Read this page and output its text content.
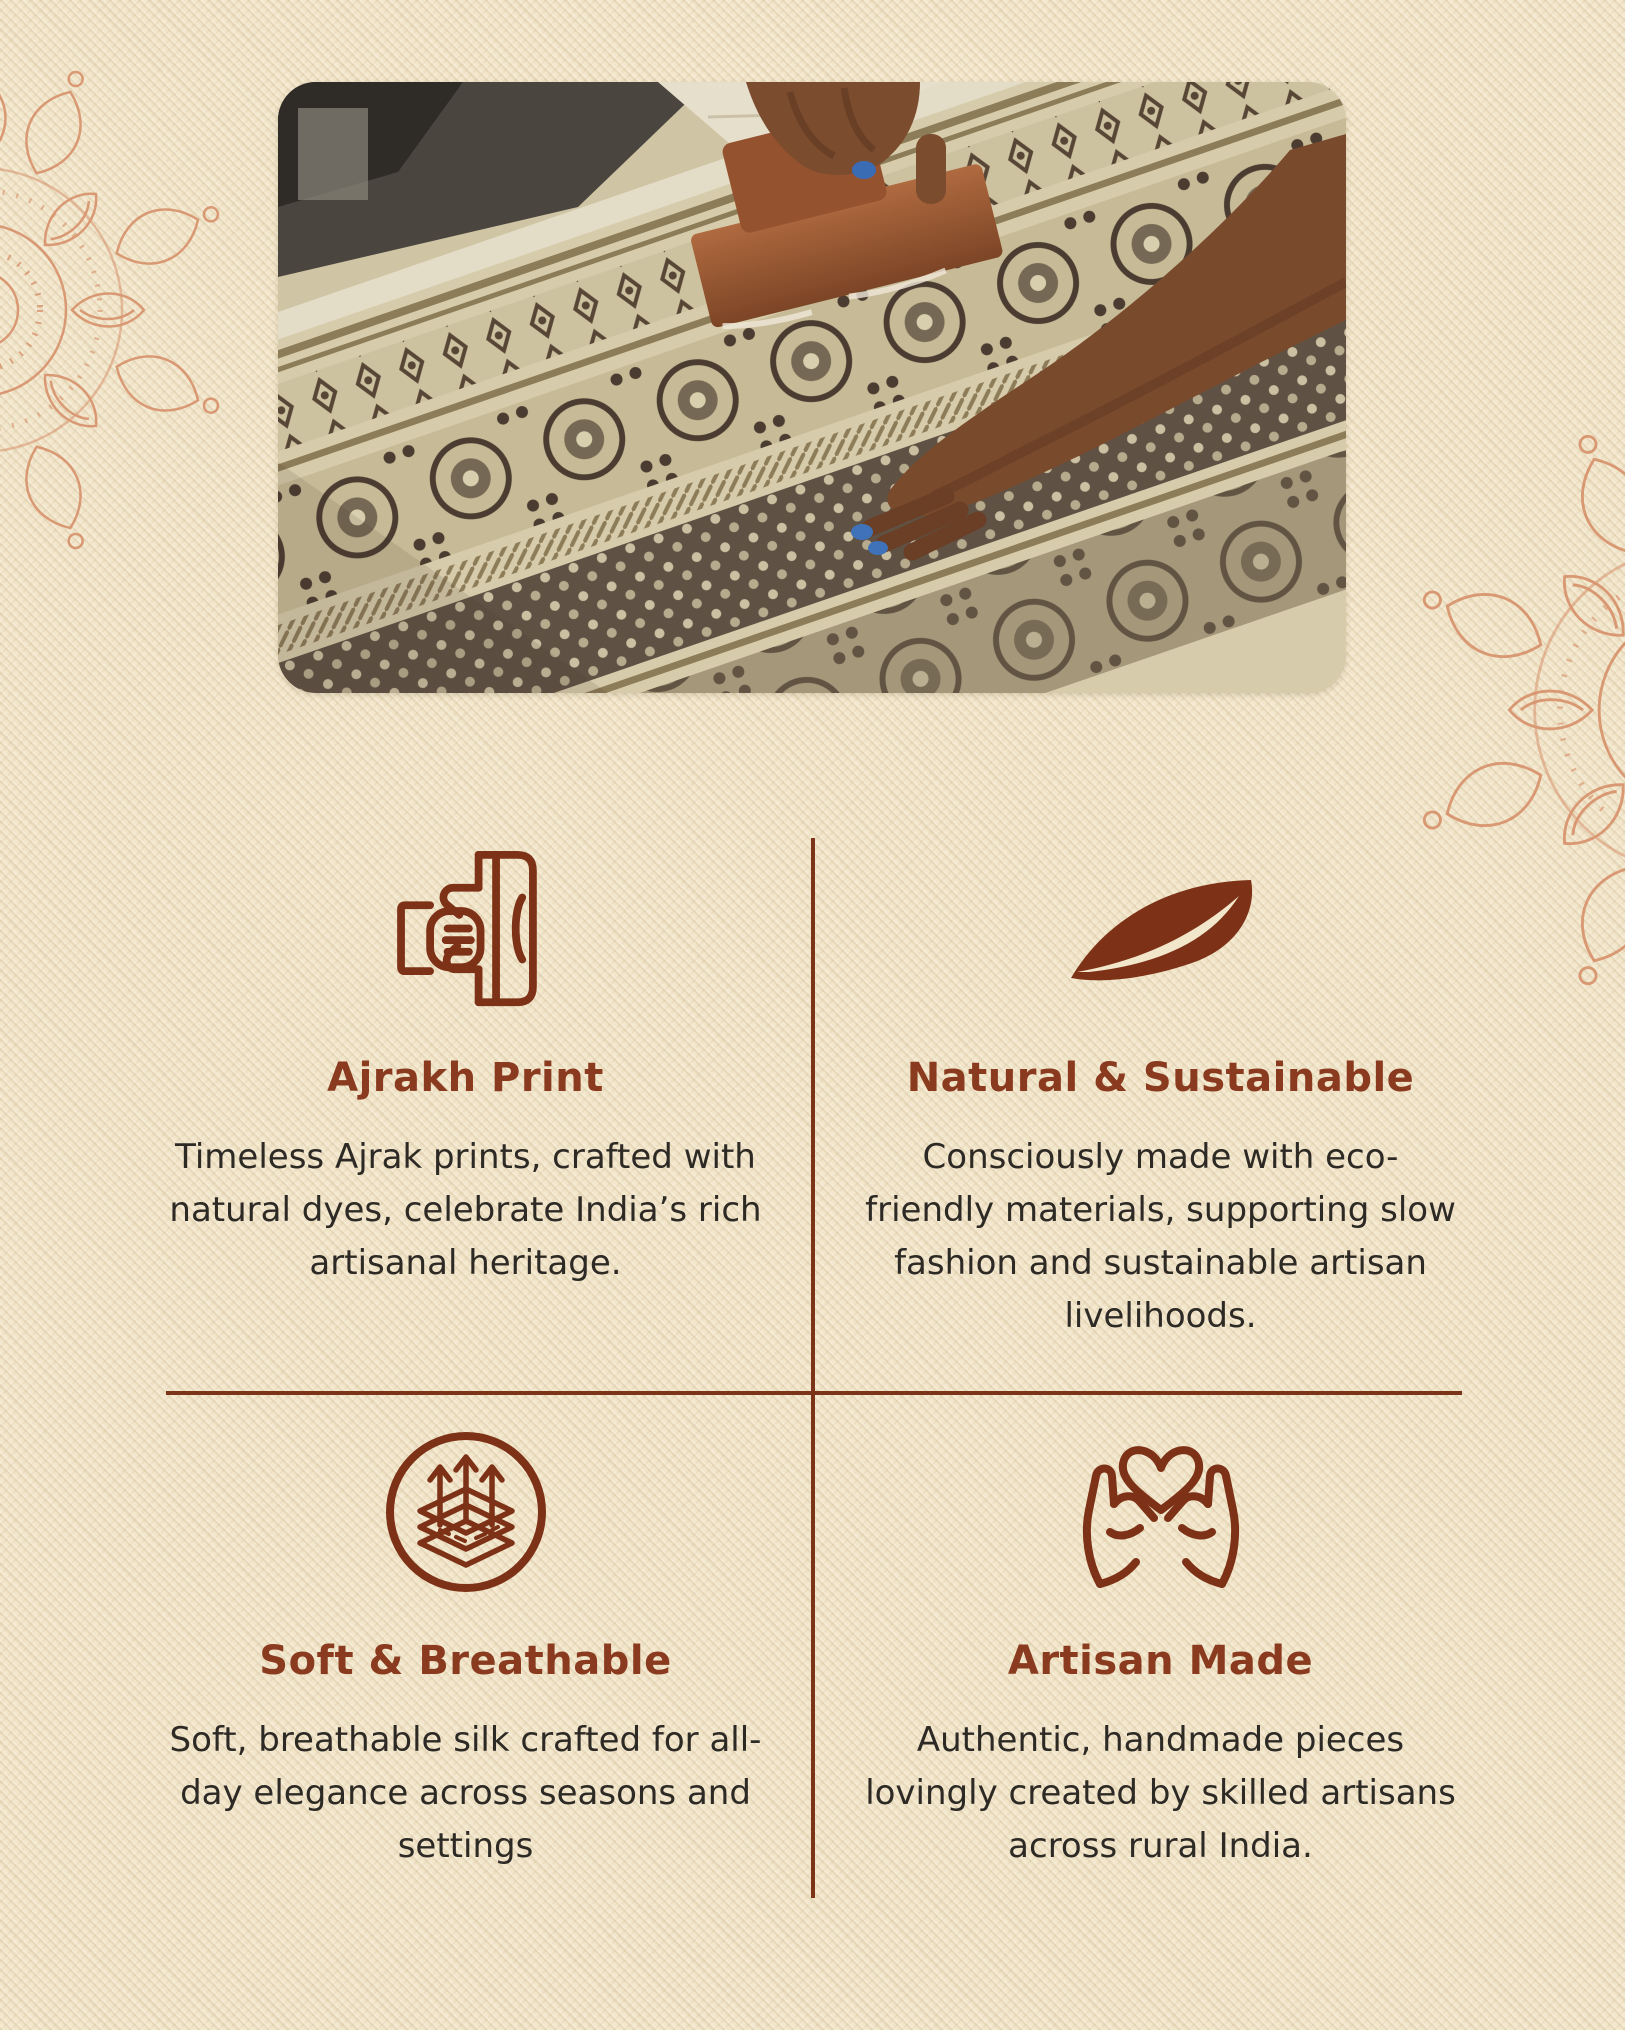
Ajrakh Print

Timeless Ajrak prints, crafted with natural dyes, celebrate India’s rich artisanal heritage.

Natural & Sustainable

Consciously made with eco-friendly materials, supporting slow fashion and sustainable artisan livelihoods.

Soft & Breathable

Soft, breathable silk crafted for all-day elegance across seasons and settings

Artisan Made

Authentic, handmade pieces lovingly created by skilled artisans across rural India.
